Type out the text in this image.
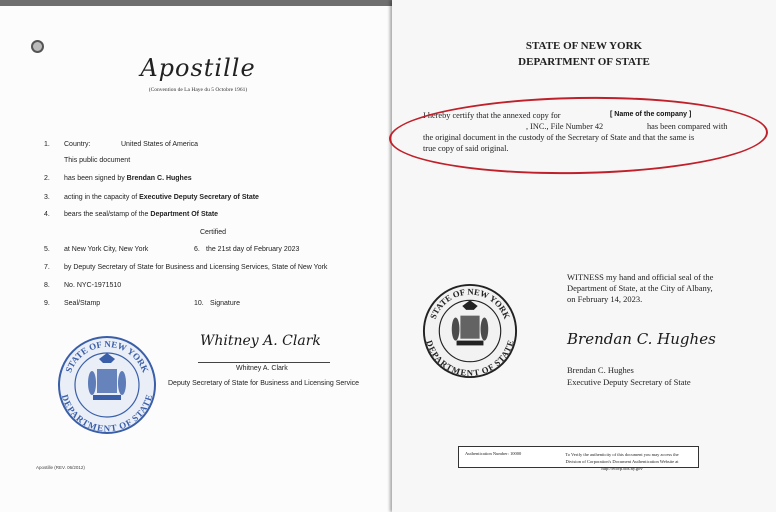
Apostille
(Convention de La Haye du 5 Octobre 1961)
1. Country:	United States of America
This public document
2. has been signed by Brendan C. Hughes
3. acting in the capacity of Executive Deputy Secretary of State
4. bears the seal/stamp of the Department Of State
Certified
5. at New York City, New York	6. the 21st day of February 2023
7. by Deputy Secretary of State for Business and Licensing Services, State of New York
8. No. NYC-1971510
9. Seal/Stamp	10. Signature
Whitney A. Clark
Whitney A. Clark
Deputy Secretary of State for Business and Licensing Service
STATE OF NEW YORK
DEPARTMENT OF STATE
Apostille (REV. 06/2012)
STATE OF NEW YORK
DEPARTMENT OF STATE
I hereby certify that the annexed copy for	[ Name of the company ]
, INC., File Number 42	has been compared with
the original document in the custody of the Secretary of State and that the same is
true copy of said original.
WITNESS my hand and official seal of the
Department of State, at the City of Albany,
on February 14, 2023.
Brendan C. Hughes
Brendan C. Hughes
Executive Deputy Secretary of State
STATE OF NEW YORK
DEPARTMENT OF STATE
Authentication Number: 10000	To Verify the authenticity of this document you may access the
Division of Corporation's Document Authentication Website at http://ecorp.dos.ny.gov
